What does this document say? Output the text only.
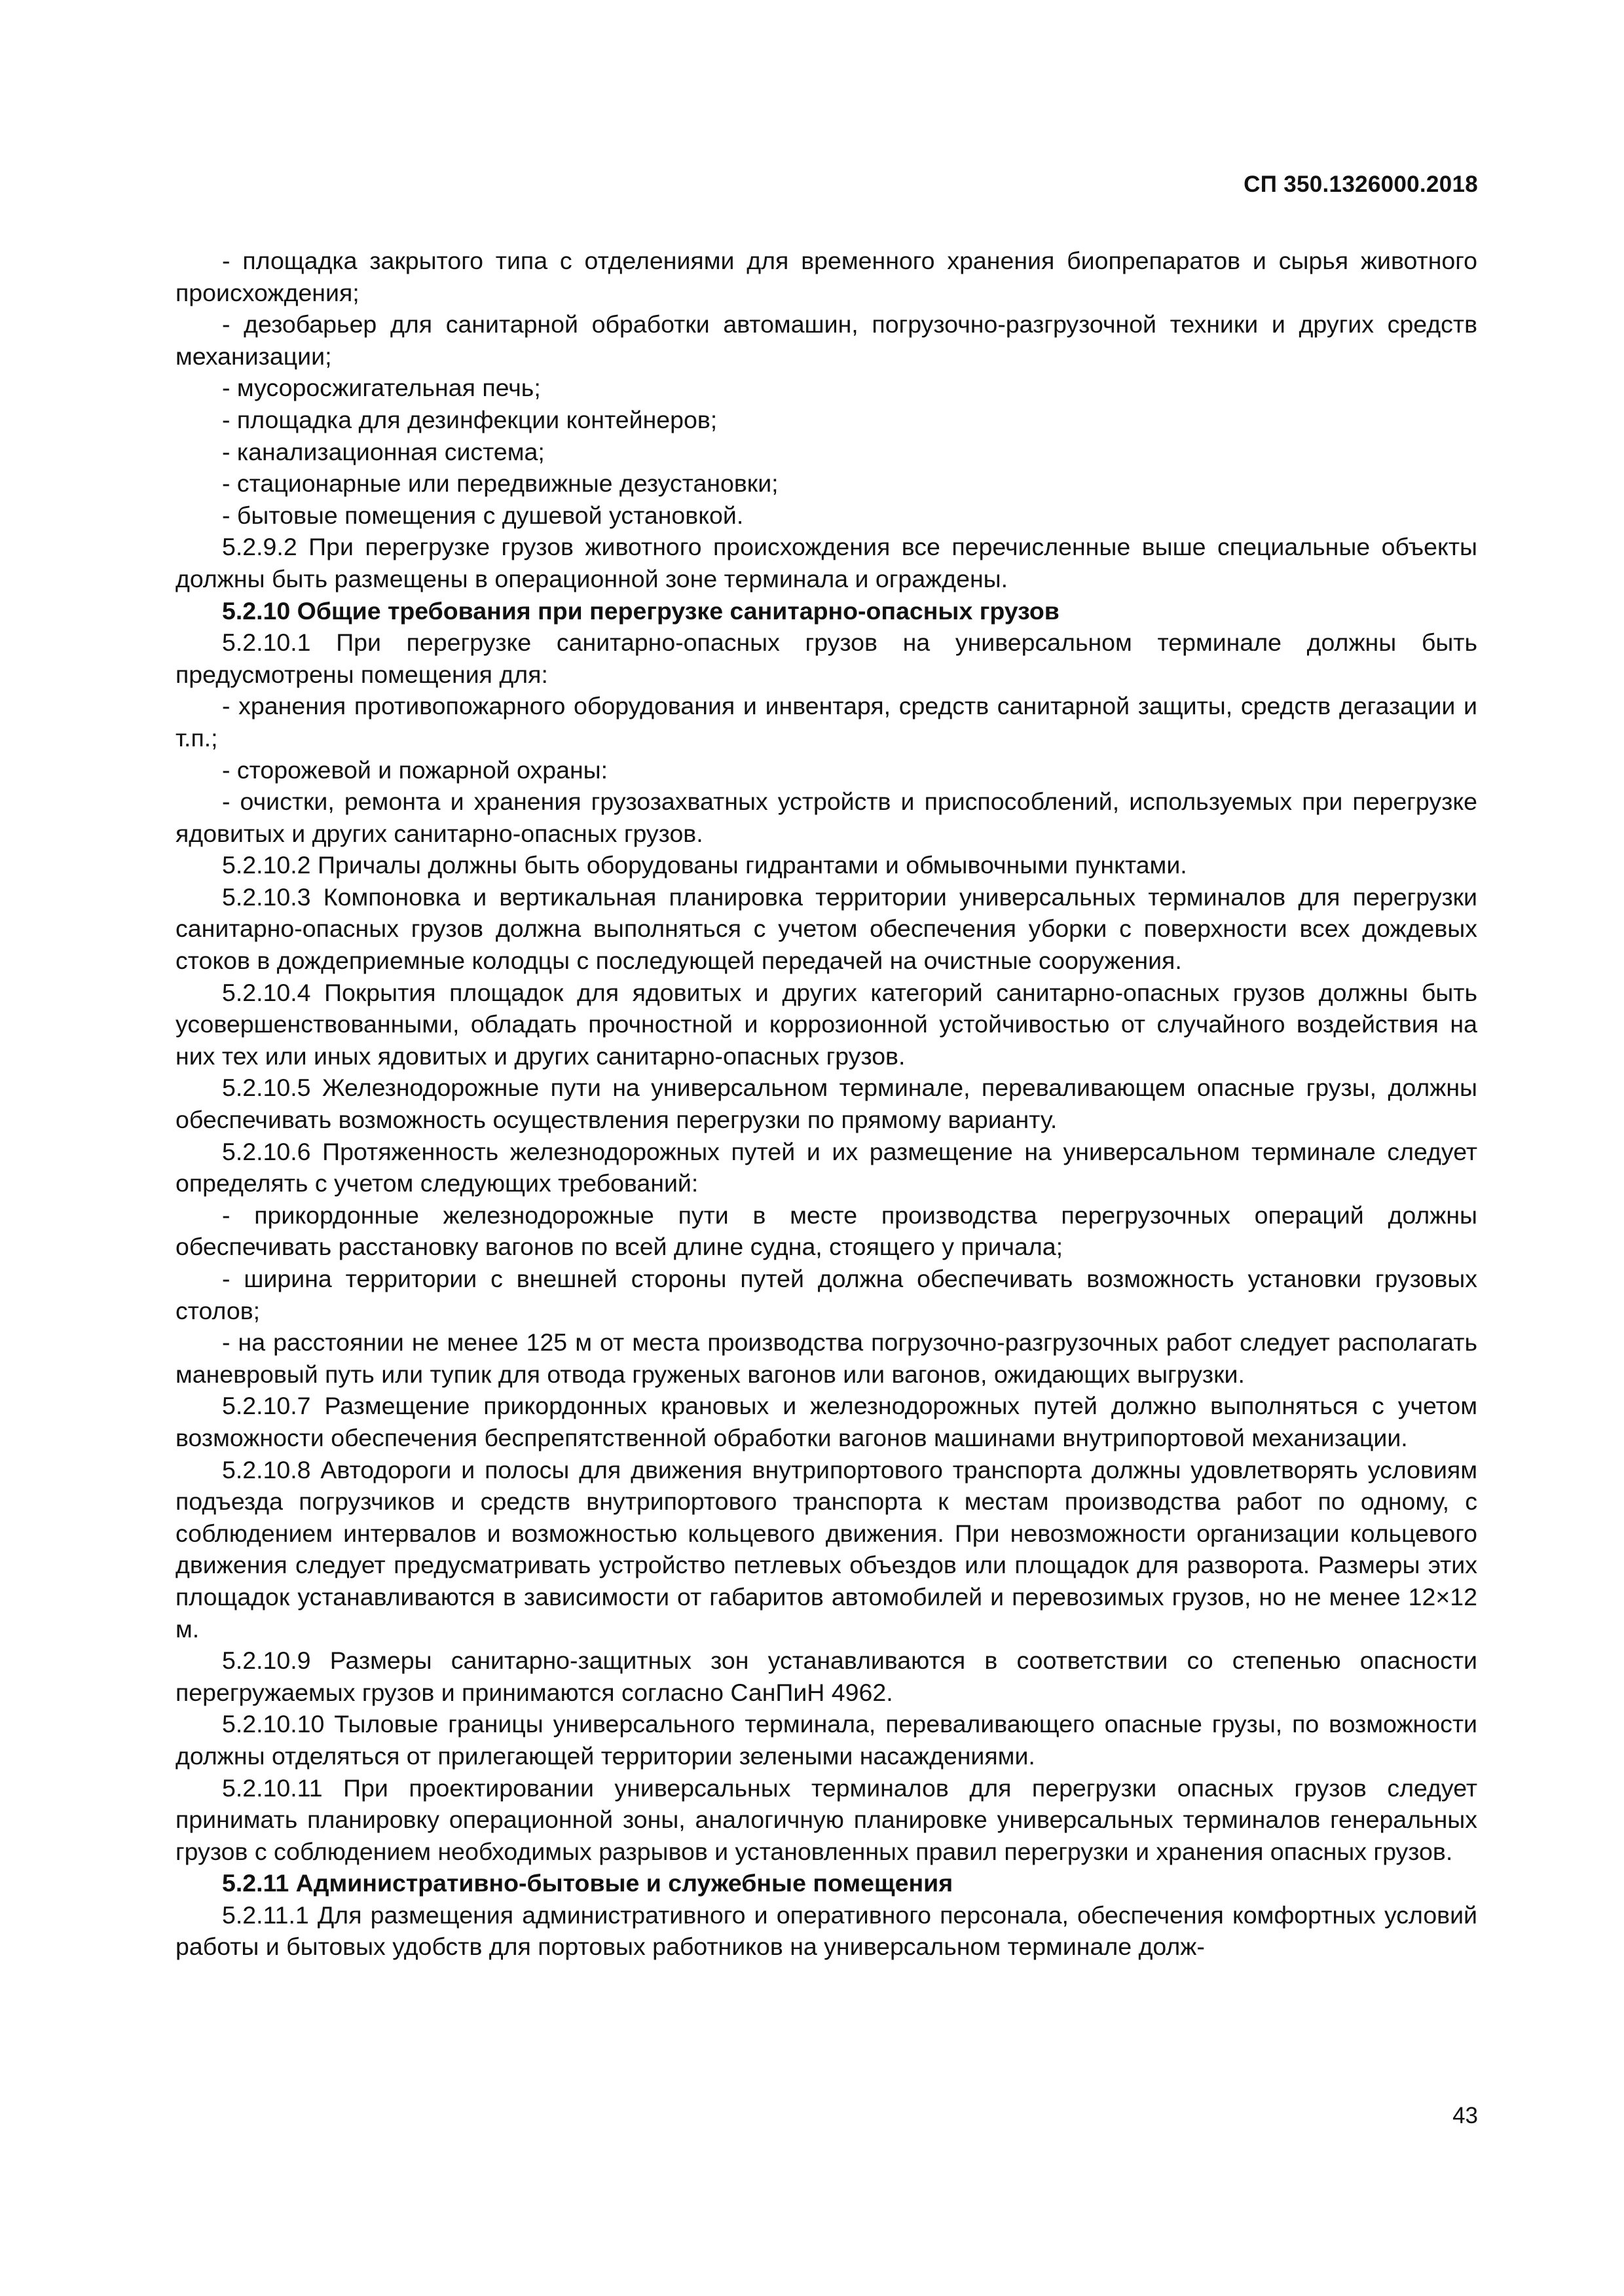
СП 350.1326000.2018

- площадка закрытого типа с отделениями для временного хранения биопрепаратов и сырья животного происхождения;

- дезобарьер для санитарной обработки автомашин, погрузочно-разгрузочной техники и других средств механизации;

- мусоросжигательная печь;

- площадка для дезинфекции контейнеров;

- канализационная система;

- стационарные или передвижные дезустановки;

- бытовые помещения с душевой установкой.

5.2.9.2 При перегрузке грузов животного происхождения все перечисленные выше специальные объекты должны быть размещены в операционной зоне терминала и ограждены.

5.2.10 Общие требования при перегрузке санитарно-опасных грузов

5.2.10.1 При перегрузке санитарно-опасных грузов на универсальном терминале должны быть предусмотрены помещения для:

- хранения противопожарного оборудования и инвентаря, средств санитарной защиты, средств дегазации и т.п.;

- сторожевой и пожарной охраны:

- очистки, ремонта и хранения грузозахватных устройств и приспособлений, используемых при перегрузке ядовитых и других санитарно-опасных грузов.

5.2.10.2 Причалы должны быть оборудованы гидрантами и обмывочными пунктами.

5.2.10.3 Компоновка и вертикальная планировка территории универсальных терминалов для перегрузки санитарно-опасных грузов должна выполняться с учетом обеспечения уборки с поверхности всех дождевых стоков в дождеприемные колодцы с последующей передачей на очистные сооружения.

5.2.10.4 Покрытия площадок для ядовитых и других категорий санитарно-опасных грузов должны быть усовершенствованными, обладать прочностной и коррозионной устойчивостью от случайного воздействия на них тех или иных ядовитых и других санитарно-опасных грузов.

5.2.10.5 Железнодорожные пути на универсальном терминале, переваливающем опасные грузы, должны обеспечивать возможность осуществления перегрузки по прямому варианту.

5.2.10.6 Протяженность железнодорожных путей и их размещение на универсальном терминале следует определять с учетом следующих требований:

- прикордонные железнодорожные пути в месте производства перегрузочных операций должны обеспечивать расстановку вагонов по всей длине судна, стоящего у причала;

- ширина территории с внешней стороны путей должна обеспечивать возможность установки грузовых столов;

- на расстоянии не менее 125 м от места производства погрузочно-разгрузочных работ следует располагать маневровый путь или тупик для отвода груженых вагонов или вагонов, ожидающих выгрузки.

5.2.10.7 Размещение прикордонных крановых и железнодорожных путей должно выполняться с учетом возможности обеспечения беспрепятственной обработки вагонов машинами внутрипортовой механизации.

5.2.10.8 Автодороги и полосы для движения внутрипортового транспорта должны удовлетворять условиям подъезда погрузчиков и средств внутрипортового транспорта к местам производства работ по одному, с соблюдением интервалов и возможностью кольцевого движения. При невозможности организации кольцевого движения следует предусматривать устройство петлевых объездов или площадок для разворота. Размеры этих площадок устанавливаются в зависимости от габаритов автомобилей и перевозимых грузов, но не менее 12×12 м.

5.2.10.9 Размеры санитарно-защитных зон устанавливаются в соответствии со степенью опасности перегружаемых грузов и принимаются согласно СанПиН 4962.

5.2.10.10 Тыловые границы универсального терминала, переваливающего опасные грузы, по возможности должны отделяться от прилегающей территории зелеными насаждениями.

5.2.10.11 При проектировании универсальных терминалов для перегрузки опасных грузов следует принимать планировку операционной зоны, аналогичную планировке универсальных терминалов генеральных грузов с соблюдением необходимых разрывов и установленных правил перегрузки и хранения опасных грузов.

5.2.11 Административно-бытовые и служебные помещения

5.2.11.1 Для размещения административного и оперативного персонала, обеспечения комфортных условий работы и бытовых удобств для портовых работников на универсальном терминале долж-

43
